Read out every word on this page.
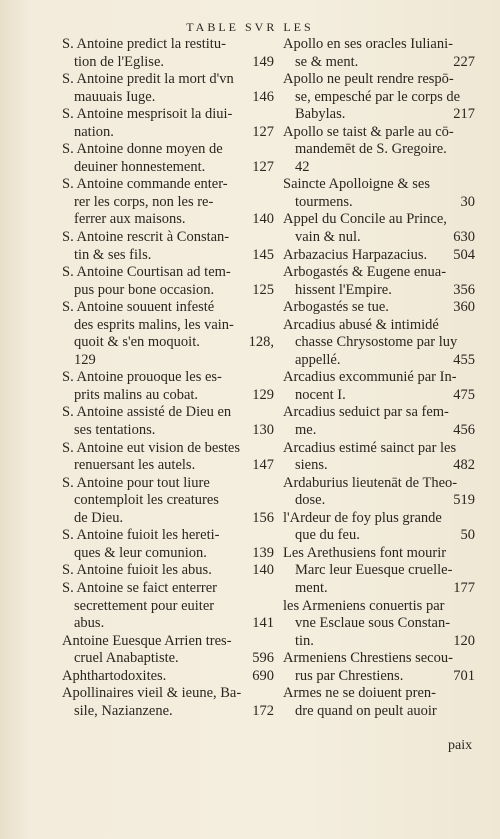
TABLE SVR LES
S. Antoine predict la restitu-
tion de l'Eglise.	149
S. Antoine predit la mort d'vn
mauuais Iuge.	146
S. Antoine mesprisoit la diui-
nation.	127
S. Antoine donne moyen de
deuiner honnestement.	127
S. Antoine commande enter-
rer les corps, non les re-
ferrer aux maisons.	140
S. Antoine rescrit à Constan-
tin & ses fils.	145
S. Antoine Courtisan ad tem-
pus pour bone occasion.	125
S. Antoine souuent infesté
des esprits malins, les vain-
quoit & s'en moquoit.	128,
129
S. Antoine prouoque les es-
prits malins au cobat.	129
S. Antoine assisté de Dieu en
ses tentations.	130
S. Antoine eut vision de bestes
renuersant les autels.	147
S. Antoine pour tout liure
contemploit les creatures
de Dieu.	156
S. Antoine fuioit les hereti-
ques & leur comunion.	139
S. Antoine fuioit les abus.	140
S. Antoine se faict enterrer
secrettement pour euiter
abus.	141
Antoine Euesque Arrien tres-
cruel Anabaptiste.	596
Aphthartodoxites.	690
Apollinaires vieil & ieune, Ba-
sile, Nazianzene.	172
Apollo en ses oracles Iuliani-
se & ment.	227
Apollo ne peult rendre respō-
se, empesché par le corps de
Babylas.	217
Apollo se taist & parle au cō-
mandemēt de S. Gregoire.
42
Saincte Apolloigne & ses
tourmens.	30
Appel du Concile au Prince,
vain & nul.	630
Arbazacius Harpazacius. 504
Arbogastés & Eugene enua-
hissent l'Empire.	356
Arbogastés se tue.	360
Arcadius abusé & intimidé
chasse Chrysostome par luy
appellé.	455
Arcadius excommunié par In-
nocent I.	475
Arcadius seduict par sa fem-
me.	456
Arcadius estimé sainct par les
siens.	482
Ardaburius lieutenāt de Theo-
dose.	519
l'Ardeur de foy plus grande
que du feu.	50
Les Arethusiens font mourir
Marc leur Euesque cruelle-
ment.	177
les Armeniens conuertis par
vne Esclaue sous Constan-
tin.	120
Armeniens Chrestiens secou-
rus par Chrestiens.	701
Armes ne se doiuent pren-
dre quand on peult auoir
paix
